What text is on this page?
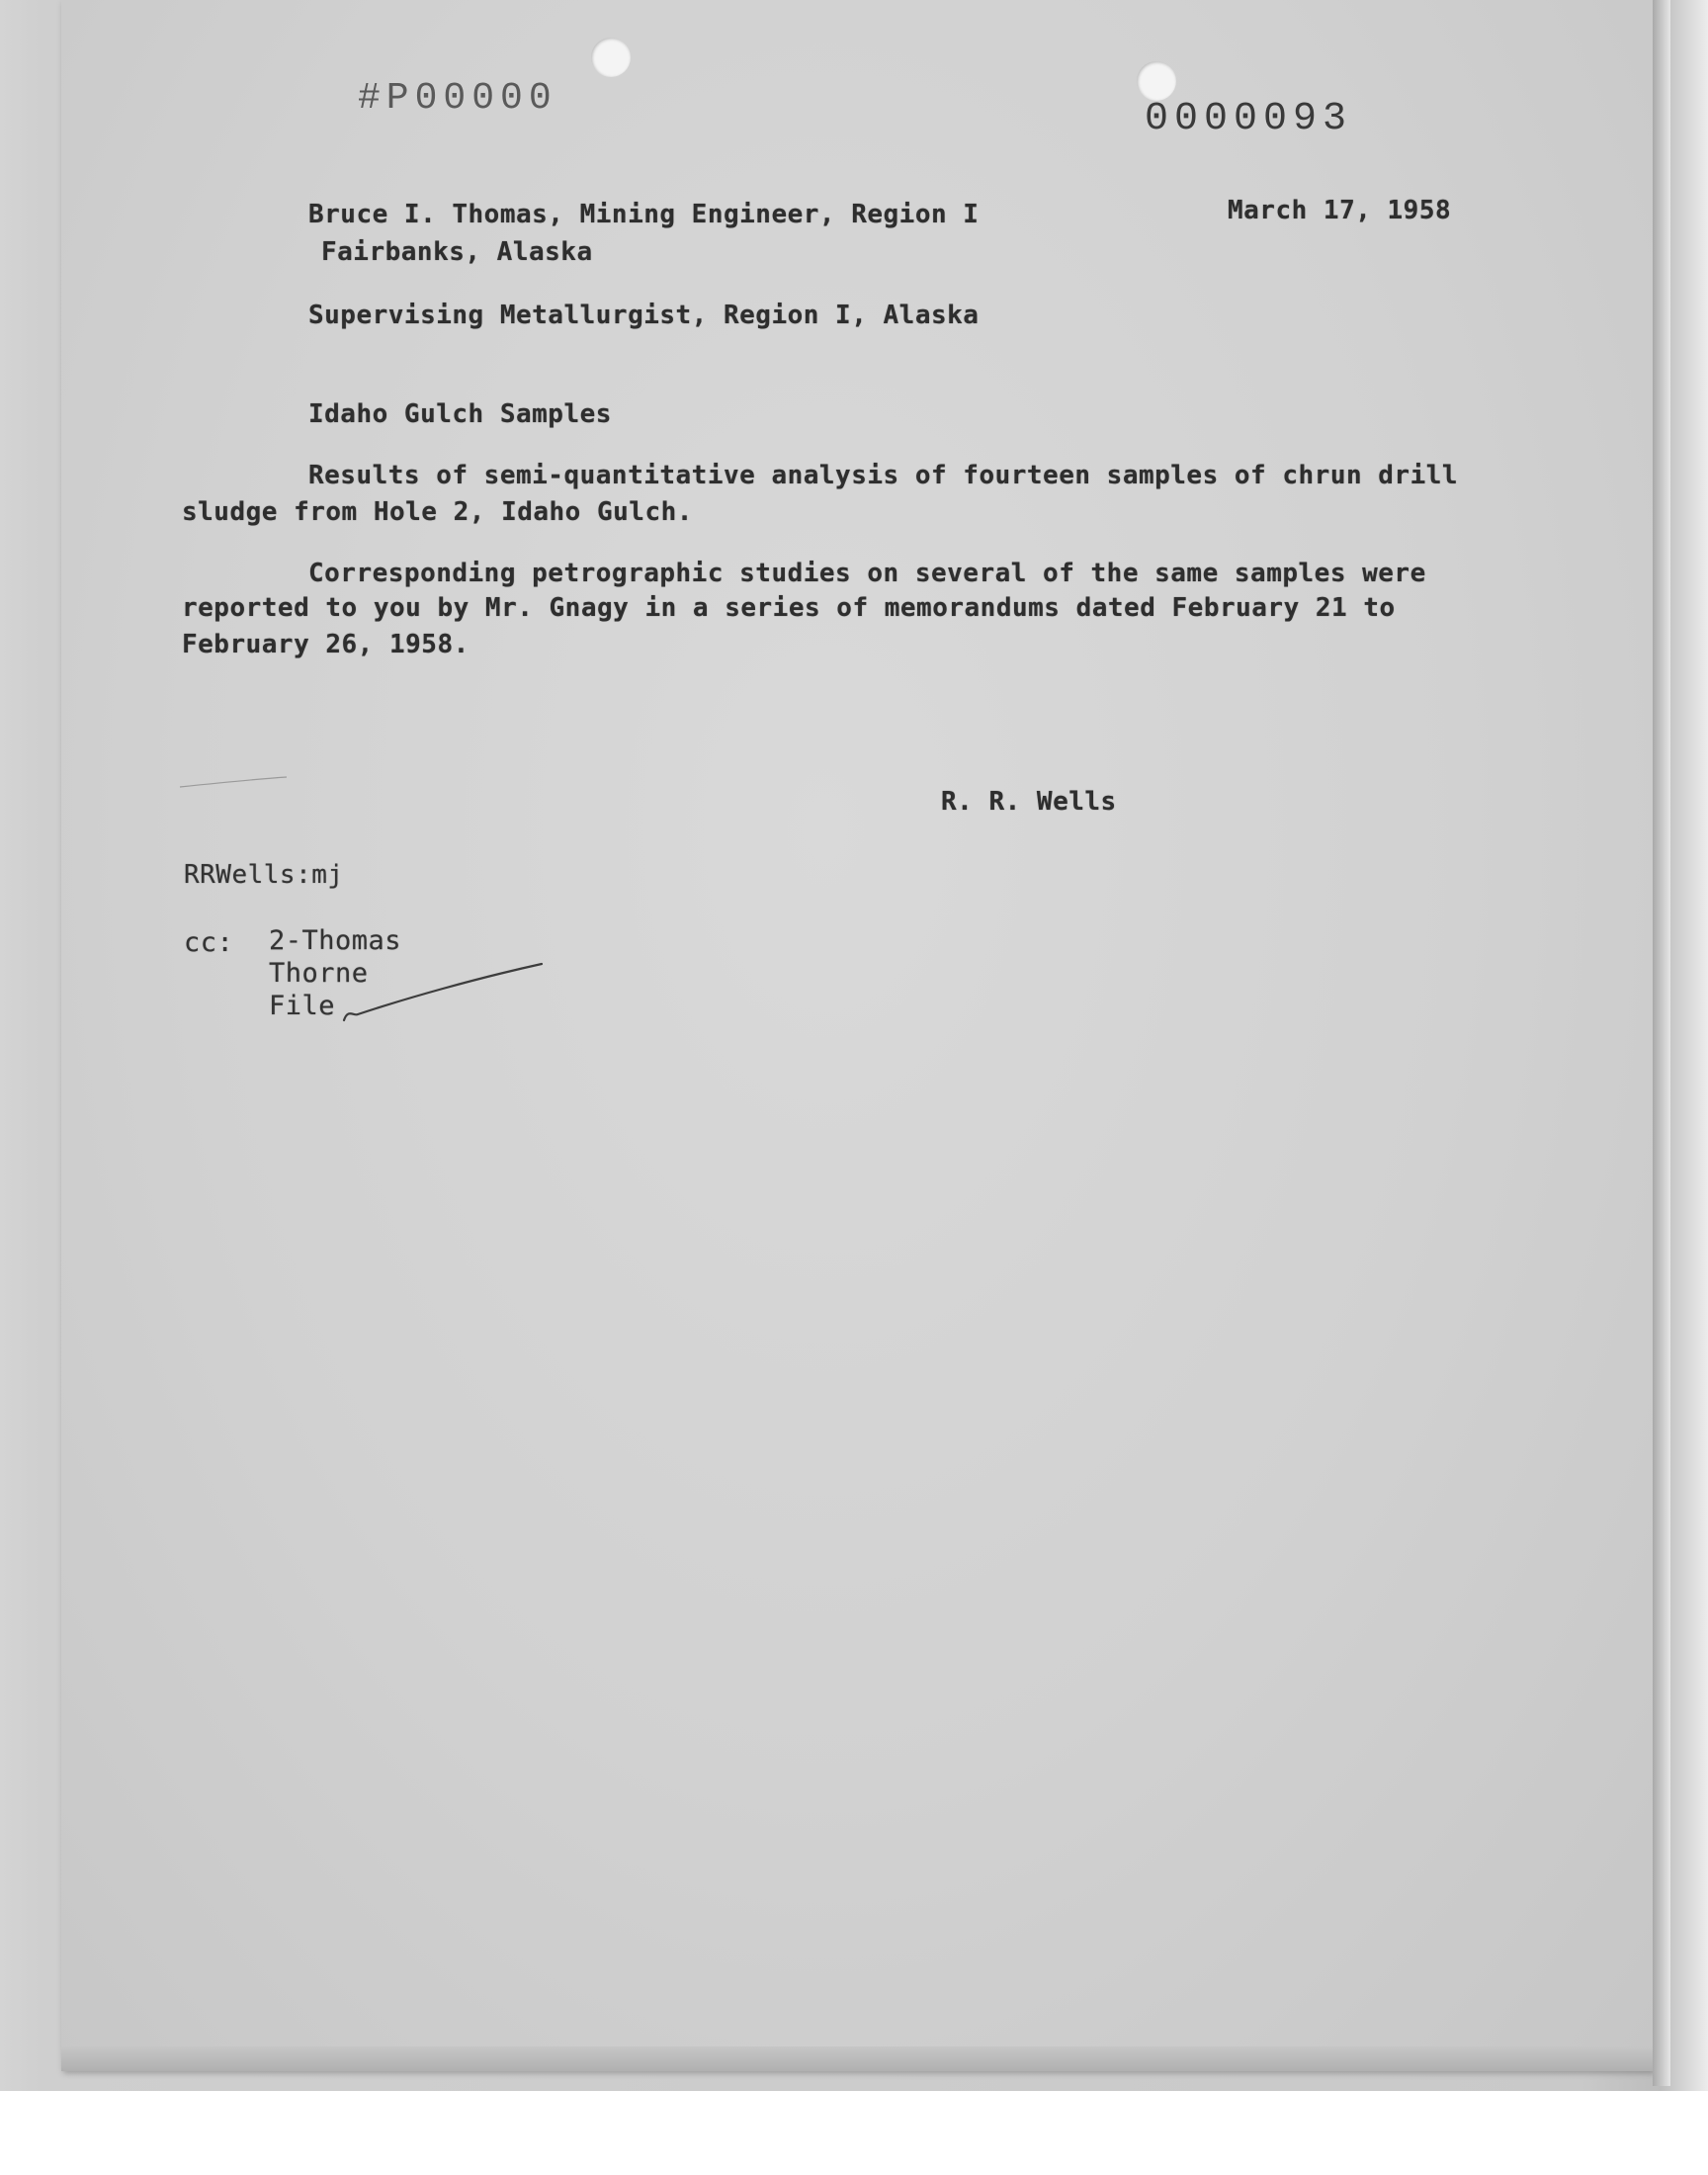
#P00000	0000093
Bruce I. Thomas, Mining Engineer, Region I
Fairbanks, Alaska
March 17, 1958
Supervising Metallurgist, Region I, Alaska
Idaho Gulch Samples
Results of semi-quantitative analysis of fourteen samples of chrun drill
sludge from Hole 2, Idaho Gulch.
Corresponding petrographic studies on several of the same samples were
reported to you by Mr. Gnagy in a series of memorandums dated February 21 to
February 26, 1958.
R. R. Wells
RRWells:mj
cc: 2-Thomas
Thorne
File
